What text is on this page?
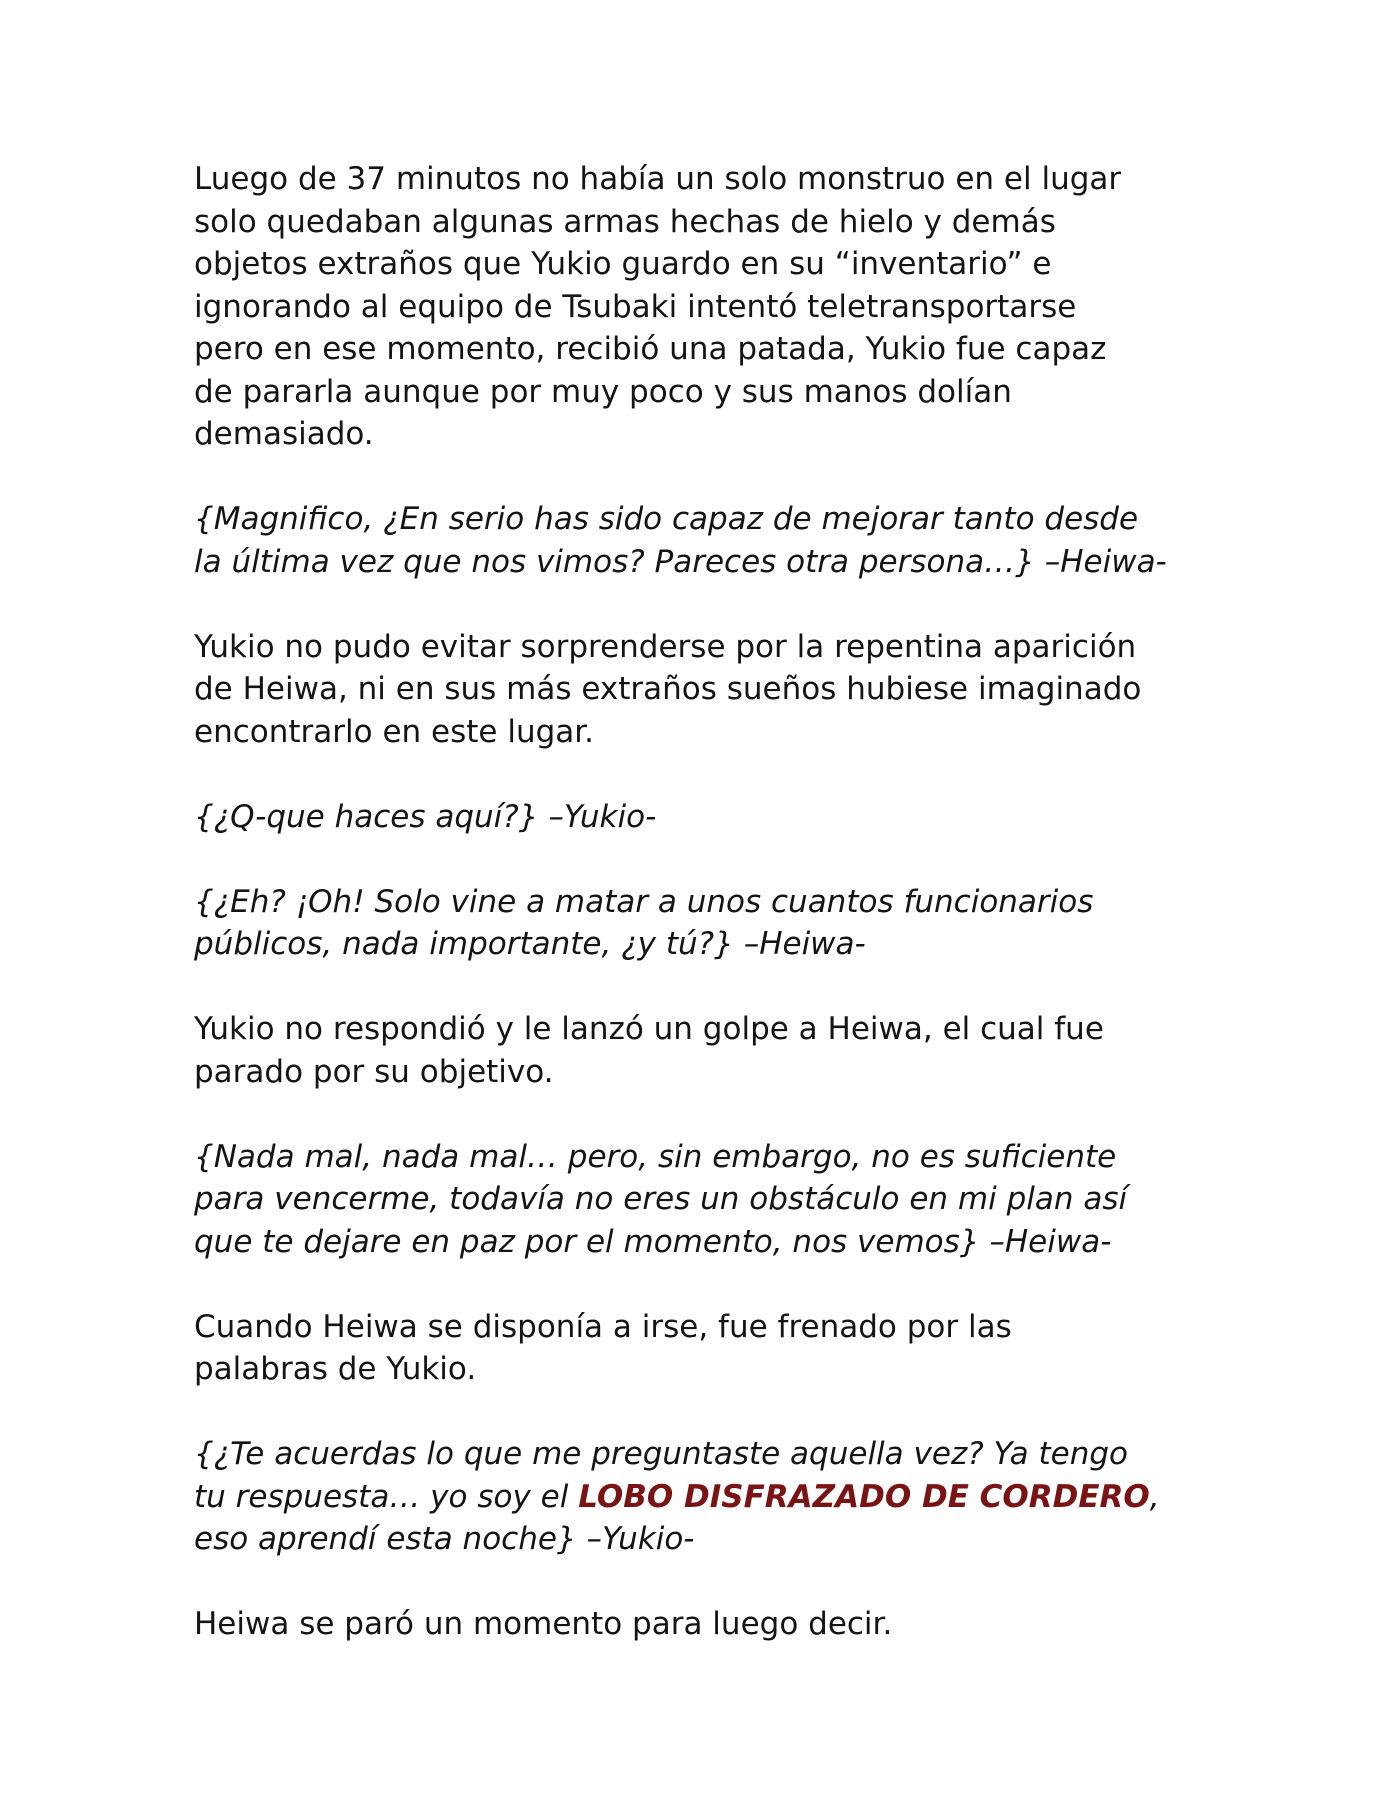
Luego de 37 minutos no había un solo monstruo en el lugar
solo quedaban algunas armas hechas de hielo y demás
objetos extraños que Yukio guardo en su “inventario” e
ignorando al equipo de Tsubaki intentó teletransportarse
pero en ese momento, recibió una patada, Yukio fue capaz
de pararla aunque por muy poco y sus manos dolían
demasiado.

{Magnifico, ¿En serio has sido capaz de mejorar tanto desde
la última vez que nos vimos? Pareces otra persona…} –Heiwa-

Yukio no pudo evitar sorprenderse por la repentina aparición
de Heiwa, ni en sus más extraños sueños hubiese imaginado
encontrarlo en este lugar.

{¿Q-que haces aquí?} –Yukio-

{¿Eh? ¡Oh! Solo vine a matar a unos cuantos funcionarios
públicos, nada importante, ¿y tú?} –Heiwa-

Yukio no respondió y le lanzó un golpe a Heiwa, el cual fue
parado por su objetivo.

{Nada mal, nada mal… pero, sin embargo, no es suficiente
para vencerme, todavía no eres un obstáculo en mi plan así
que te dejare en paz por el momento, nos vemos} –Heiwa-

Cuando Heiwa se disponía a irse, fue frenado por las
palabras de Yukio.

{¿Te acuerdas lo que me preguntaste aquella vez? Ya tengo
tu respuesta… yo soy el LOBO DISFRAZADO DE CORDERO,
eso aprendí esta noche} –Yukio-

Heiwa se paró un momento para luego decir.
